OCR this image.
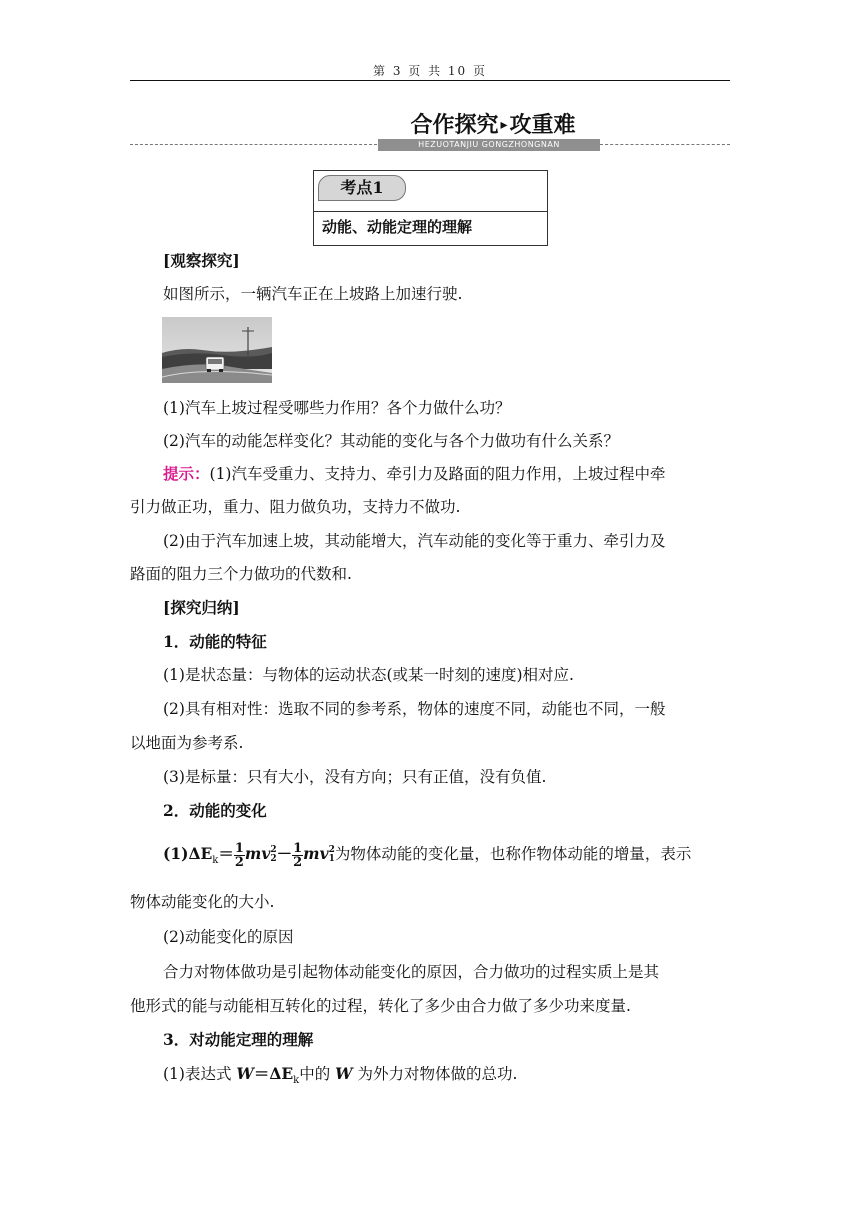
第 3 页 共 10 页
合作探究 ▸攻重难
HEZUOTANJIU GONGZHONGNAN
考点1
动能、动能定理的理解
[观察探究]
如图所示，一辆汽车正在上坡路上加速行驶.
(1)汽车上坡过程受哪些力作用？各个力做什么功？
(2)汽车的动能怎样变化？其动能的变化与各个力做功有什么关系？
提示：(1)汽车受重力、支持力、牵引力及路面的阻力作用，上坡过程中牵
引力做正功，重力、阻力做负功，支持力不做功.
(2)由于汽车加速上坡，其动能增大，汽车动能的变化等于重力、牵引力及
路面的阻力三个力做功的代数和.
[探究归纳]
1．动能的特征
(1)是状态量：与物体的运动状态(或某一时刻的速度)相对应.
(2)具有相对性：选取不同的参考系，物体的速度不同，动能也不同，一般
以地面为参考系.
(3)是标量：只有大小，没有方向；只有正值，没有负值.
2．动能的变化
$(1)\Delta E_k= \frac{1}{2}$ mv 2
$2 - \frac{1}{2}$ mv 2
1 为物体动能的变化量，也称作物体动能的增量，表示
物体动能变化的大小.
(2)动能变化的原因
合力对物体做功是引起物体动能变化的原因，合力做功的过程实质上是其
他形式的能与动能相互转化的过程，转化了多少由合力做了多少功来度量.
3．对动能定理的理解
(1)表达式 $W=\Delta E_k$中的 W 为外力对物体做的总功.
